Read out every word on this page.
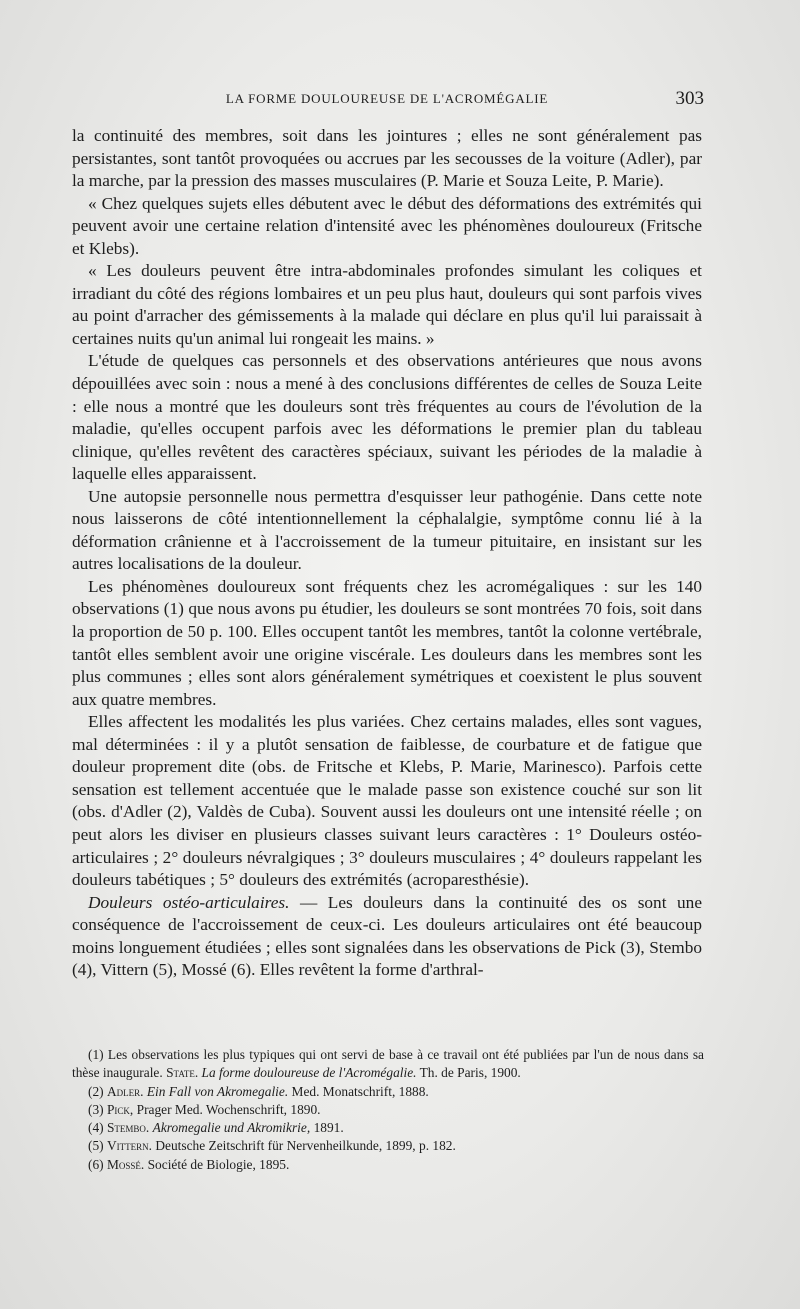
LA FORME DOULOUREUSE DE L'ACROMÉGALIE	303

la continuité des membres, soit dans les jointures ; elles ne sont généralement pas persistantes, sont tantôt provoquées ou accrues par les secousses de la voiture (Adler), par la marche, par la pression des masses musculaires (P. Marie et Souza Leite, P. Marie).

« Chez quelques sujets elles débutent avec le début des déformations des extrémités qui peuvent avoir une certaine relation d'intensité avec les phénomènes douloureux (Fritsche et Klebs).

« Les douleurs peuvent être intra-abdominales profondes simulant les coliques et irradiant du côté des régions lombaires et un peu plus haut, douleurs qui sont parfois vives au point d'arracher des gémissements à la malade qui déclare en plus qu'il lui paraissait à certaines nuits qu'un animal lui rongeait les mains. »

L'étude de quelques cas personnels et des observations antérieures que nous avons dépouillées avec soin : nous a mené à des conclusions différentes de celles de Souza Leite : elle nous a montré que les douleurs sont très fréquentes au cours de l'évolution de la maladie, qu'elles occupent parfois avec les déformations le premier plan du tableau clinique, qu'elles revêtent des caractères spéciaux, suivant les périodes de la maladie à laquelle elles apparaissent.

Une autopsie personnelle nous permettra d'esquisser leur pathogénie. Dans cette note nous laisserons de côté intentionnellement la céphalalgie, symptôme connu lié à la déformation crânienne et à l'accroissement de la tumeur pituitaire, en insistant sur les autres localisations de la douleur.

Les phénomènes douloureux sont fréquents chez les acromégaliques : sur les 140 observations (1) que nous avons pu étudier, les douleurs se sont montrées 70 fois, soit dans la proportion de 50 p. 100. Elles occupent tantôt les membres, tantôt la colonne vertébrale, tantôt elles semblent avoir une origine viscérale. Les douleurs dans les membres sont les plus communes ; elles sont alors généralement symétriques et coexistent le plus souvent aux quatre membres.

Elles affectent les modalités les plus variées. Chez certains malades, elles sont vagues, mal déterminées : il y a plutôt sensation de faiblesse, de courbature et de fatigue que douleur proprement dite (obs. de Fritsche et Klebs, P. Marie, Marinesco). Parfois cette sensation est tellement accentuée que le malade passe son existence couché sur son lit (obs. d'Adler (2), Valdès de Cuba). Souvent aussi les douleurs ont une intensité réelle ; on peut alors les diviser en plusieurs classes suivant leurs caractères : 1° Douleurs ostéo-articulaires ; 2° douleurs névralgiques ; 3° douleurs musculaires ; 4° douleurs rappelant les douleurs tabétiques ; 5° douleurs des extrémités (acroparesthésie).

Douleurs ostéo-articulaires. — Les douleurs dans la continuité des os sont une conséquence de l'accroissement de ceux-ci. Les douleurs articulaires ont été beaucoup moins longuement étudiées ; elles sont signalées dans les observations de Pick (3), Stembo (4), Vittern (5), Mossé (6). Elles revêtent la forme d'arthral-

(1) Les observations les plus typiques qui ont servi de base à ce travail ont été publiées par l'un de nous dans sa thèse inaugurale. State. La forme douloureuse de l'Acromégalie. Th. de Paris, 1900.

(2) Adler. Ein Fall von Akromegalie. Med. Monatschrift, 1888.

(3) Pick, Prager Med. Wochenschrift, 1890.

(4) Stembo. Akromegalie und Akromikrie, 1891.

(5) Vittern. Deutsche Zeitschrift für Nervenheilkunde, 1899, p. 182.

(6) Mossé. Société de Biologie, 1895.
